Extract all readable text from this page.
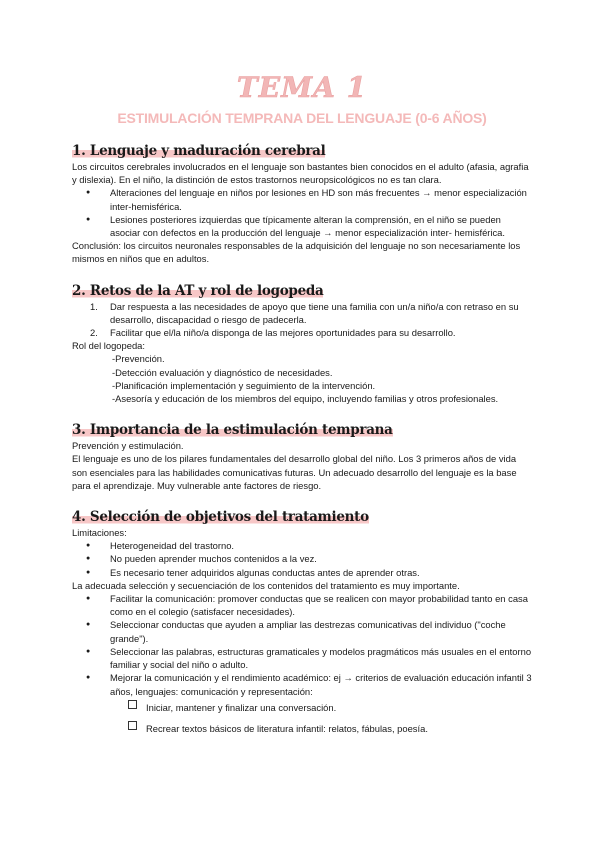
TEMA 1
ESTIMULACIÓN TEMPRANA DEL LENGUAJE (0-6 AÑOS)
1. Lenguaje y maduración cerebral

Los circuitos cerebrales involucrados en el lenguaje son bastantes bien conocidos en el adulto (afasia, agrafia y dislexia). En el niño, la distinción de estos trastornos neuropsicológicos no es tan clara.

● Alteraciones del lenguaje en niños por lesiones en HD son más frecuentes → menor especialización inter-hemisférica.
● Lesiones posteriores izquierdas que típicamente alteran la comprensión, en el niño se pueden asociar con defectos en la producción del lenguaje → menor especialización inter- hemisférica.

Conclusión: los circuitos neuronales responsables de la adquisición del lenguaje no son necesariamente los mismos en niños que en adultos.

2. Retos de la AT y rol de logopeda
1. Dar respuesta a las necesidades de apoyo que tiene una familia con un/a niño/a con retraso en su desarrollo, discapacidad o riesgo de padecerla.
2. Facilitar que el/la niño/a disponga de las mejores oportunidades para su desarrollo.

Rol del logopeda:

-Prevención.

-Detección evaluación y diagnóstico de necesidades.

-Planificación implementación y seguimiento de la intervención.

-Asesoría y educación de los miembros del equipo, incluyendo familias y otros profesionales.

3. Importancia de la estimulación temprana

Prevención y estimulación.

El lenguaje es uno de los pilares fundamentales del desarrollo global del niño. Los 3 primeros años de vida son esenciales para las habilidades comunicativas futuras. Un adecuado desarrollo del lenguaje es la base para el aprendizaje. Muy vulnerable ante factores de riesgo.

4. Selección de objetivos del tratamiento

Limitaciones:

● Heterogeneidad del trastorno.
● No pueden aprender muchos contenidos a la vez.
● Es necesario tener adquiridos algunas conductas antes de aprender otras.

La adecuada selección y secuenciación de los contenidos del tratamiento es muy importante.

● Facilitar la comunicación: promover conductas que se realicen con mayor probabilidad tanto en casa como en el colegio (satisfacer necesidades).
● Seleccionar conductas que ayuden a ampliar las destrezas comunicativas del individuo ("coche grande").
● Seleccionar las palabras, estructuras gramaticales y modelos pragmáticos más usuales en el entorno familiar y social del niño o adulto.
● Mejorar la comunicación y el rendimiento académico: ej → criterios de evaluación educación infantil 3 años, lenguajes: comunicación y representación:
Iniciar, mantener y finalizar una conversación.
Recrear textos básicos de literatura infantil: relatos, fábulas, poesía.
